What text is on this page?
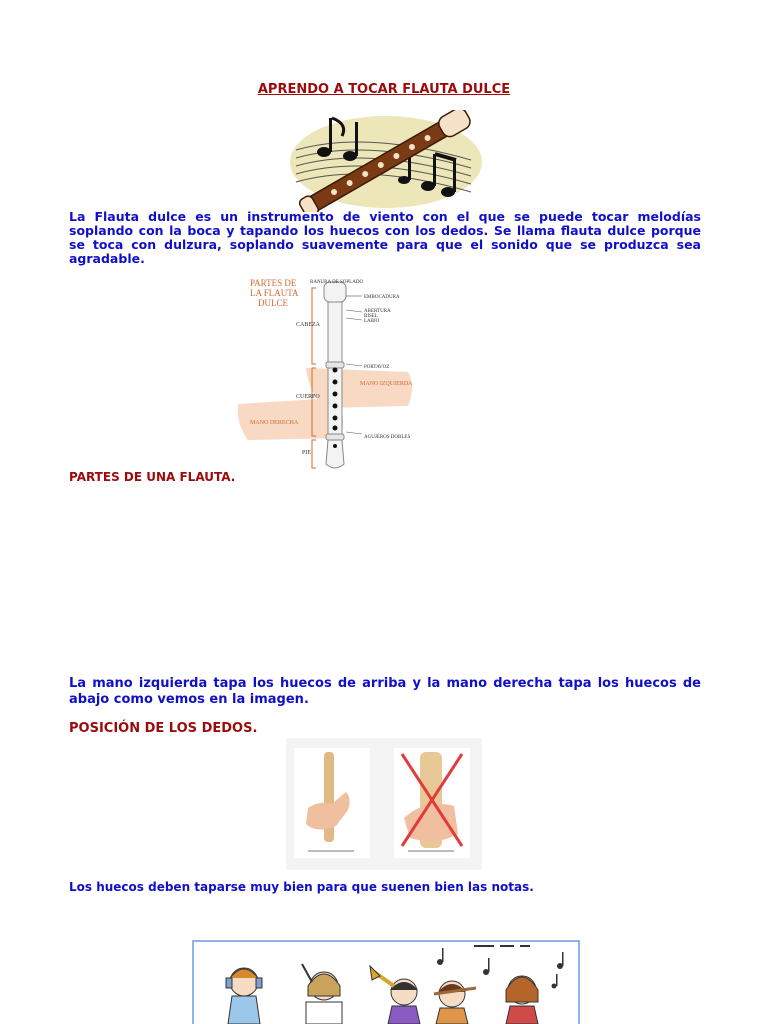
APRENDO A TOCAR FLAUTA DULCE
La Flauta dulce es un instrumento de viento con el que se puede tocar melodías soplando con la boca y tapando los huecos con los dedos. Se llama flauta dulce porque se toca con dulzura, soplando suavemente para que el sonido que se produzca sea agradable.
PARTES DE
LA FLAUTA
DULCE
RANURA DE SOPLADO
EMBOCADURA
ABERTURA
BISEL
LABIO
CABEZA
PORTAVOZ
MANO IZQUIERDA
CUERPO
MANO DERECHA
AGUJEROS DOBLES
PIE
PARTES DE UNA FLAUTA.
La mano izquierda tapa los huecos de arriba y la mano derecha tapa los huecos de abajo como vemos en la imagen.
POSICIÓN DE LOS DEDOS.
Los huecos deben taparse muy bien para que suenen bien las notas.
